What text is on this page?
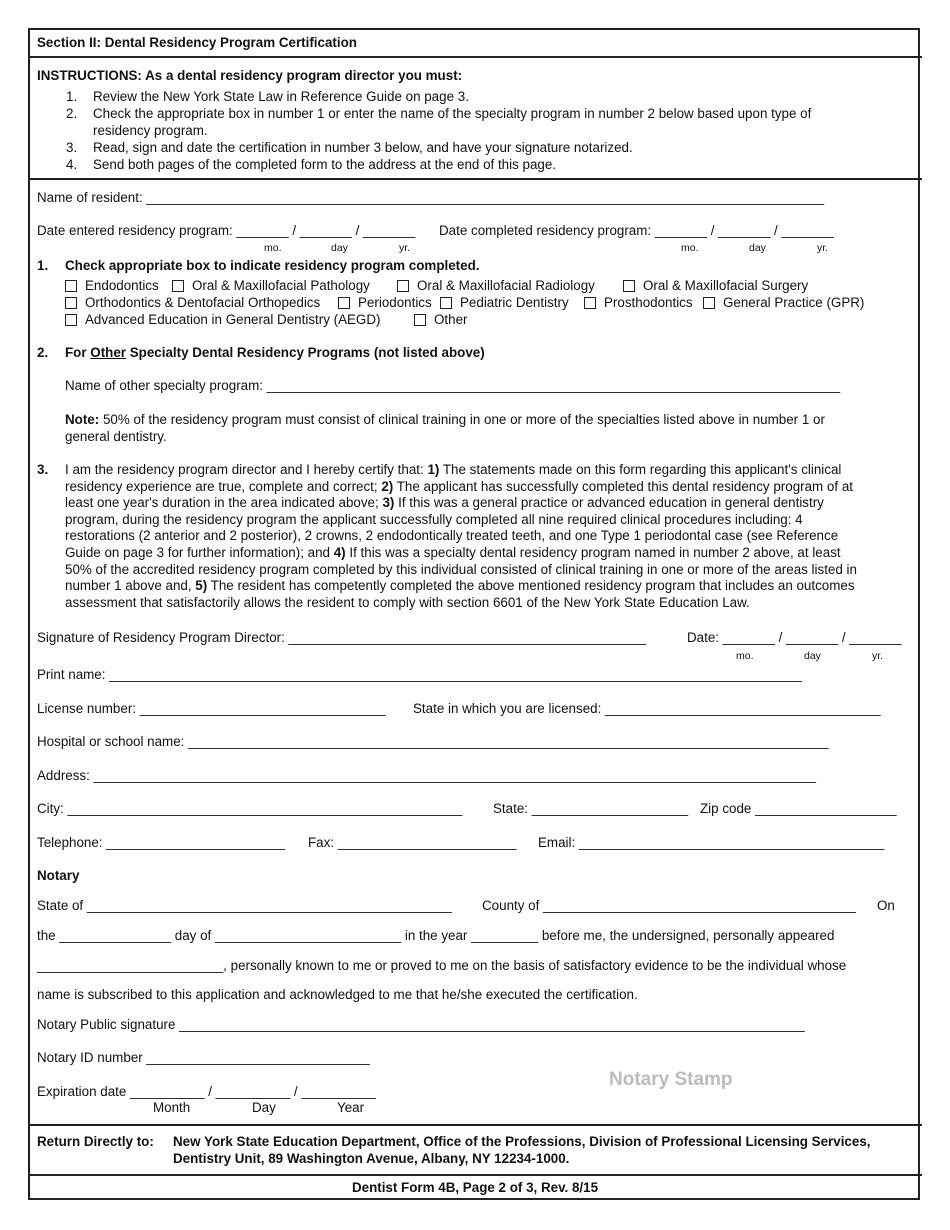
Section II: Dental Residency Program Certification
INSTRUCTIONS: As a dental residency program director you must:
1. Review the New York State Law in Reference Guide on page 3.
2. Check the appropriate box in number 1 or enter the name of the specialty program in number 2 below based upon type of
residency program.
3. Read, sign and date the certification in number 3 below, and have your signature notarized.
4. Send both pages of the completed form to the address at the end of this page.
Name of resident: ___________________________________________________________________________________________
Date entered residency program: _______ / _______ / _______ Date completed residency program: _______ / _______ / _______
mo.	day	yr.	mo.	day	yr.
1. Check appropriate box to indicate residency program completed.
Endodontics	Oral & Maxillofacial Pathology	Oral & Maxillofacial Radiology	Oral & Maxillofacial Surgery
Orthodontics & Dentofacial Orthopedics	Periodontics	Pediatric Dentistry	Prosthodontics	General Practice (GPR)
Advanced Education in General Dentistry (AEGD)	Other
2. For Other Specialty Dental Residency Programs (not listed above)
Name of other specialty program: _____________________________________________________________________________
Note: 50% of the residency program must consist of clinical training in one or more of the specialties listed above in number 1 or
general dentistry.
3. I am the residency program director and I hereby certify that: 1) The statements made on this form regarding this applicant's clinical
residency experience are true, complete and correct; 2) The applicant has successfully completed this dental residency program of at
least one year's duration in the area indicated above; 3) If this was a general practice or advanced education in general dentistry
program, during the residency program the applicant successfully completed all nine required clinical procedures including: 4
restorations (2 anterior and 2 posterior), 2 crowns, 2 endodontically treated teeth, and one Type 1 periodontal case (see Reference
Guide on page 3 for further information); and 4) If this was a specialty dental residency program named in number 2 above, at least
50% of the accredited residency program completed by this individual consisted of clinical training in one or more of the areas listed in
number 1 above and, 5) The resident has competently completed the above mentioned residency program that includes an outcomes
assessment that satisfactorily allows the resident to comply with section 6601 of the New York State Education Law.
Signature of Residency Program Director: ________________________________________________	Date: _______ / _______ / _______
mo.	day	yr.
Print name: _____________________________________________________________________________________________
License number: _________________________________ State in which you are licensed: _____________________________________
Hospital or school name: ______________________________________________________________________________________
Address: _________________________________________________________________________________________________
City: _____________________________________________________ State: _____________________ Zip code ___________________
Telephone: ________________________ Fax: ________________________ Email: _________________________________________
Notary
State of _________________________________________________ County of __________________________________________ On
the _______________ day of _________________________ in the year _________ before me, the undersigned, personally appeared
_________________________, personally known to me or proved to me on the basis of satisfactory evidence to be the individual whose
name is subscribed to this application and acknowledged to me that he/she executed the certification.
Notary Public signature ____________________________________________________________________________________
Notary ID number ______________________________
Expiration date __________ / __________ / __________
Month	Day	Year
Notary Stamp
Return Directly to: New York State Education Department, Office of the Professions, Division of Professional Licensing Services,
Dentistry Unit, 89 Washington Avenue, Albany, NY 12234-1000.
Dentist Form 4B, Page 2 of 3, Rev. 8/15
